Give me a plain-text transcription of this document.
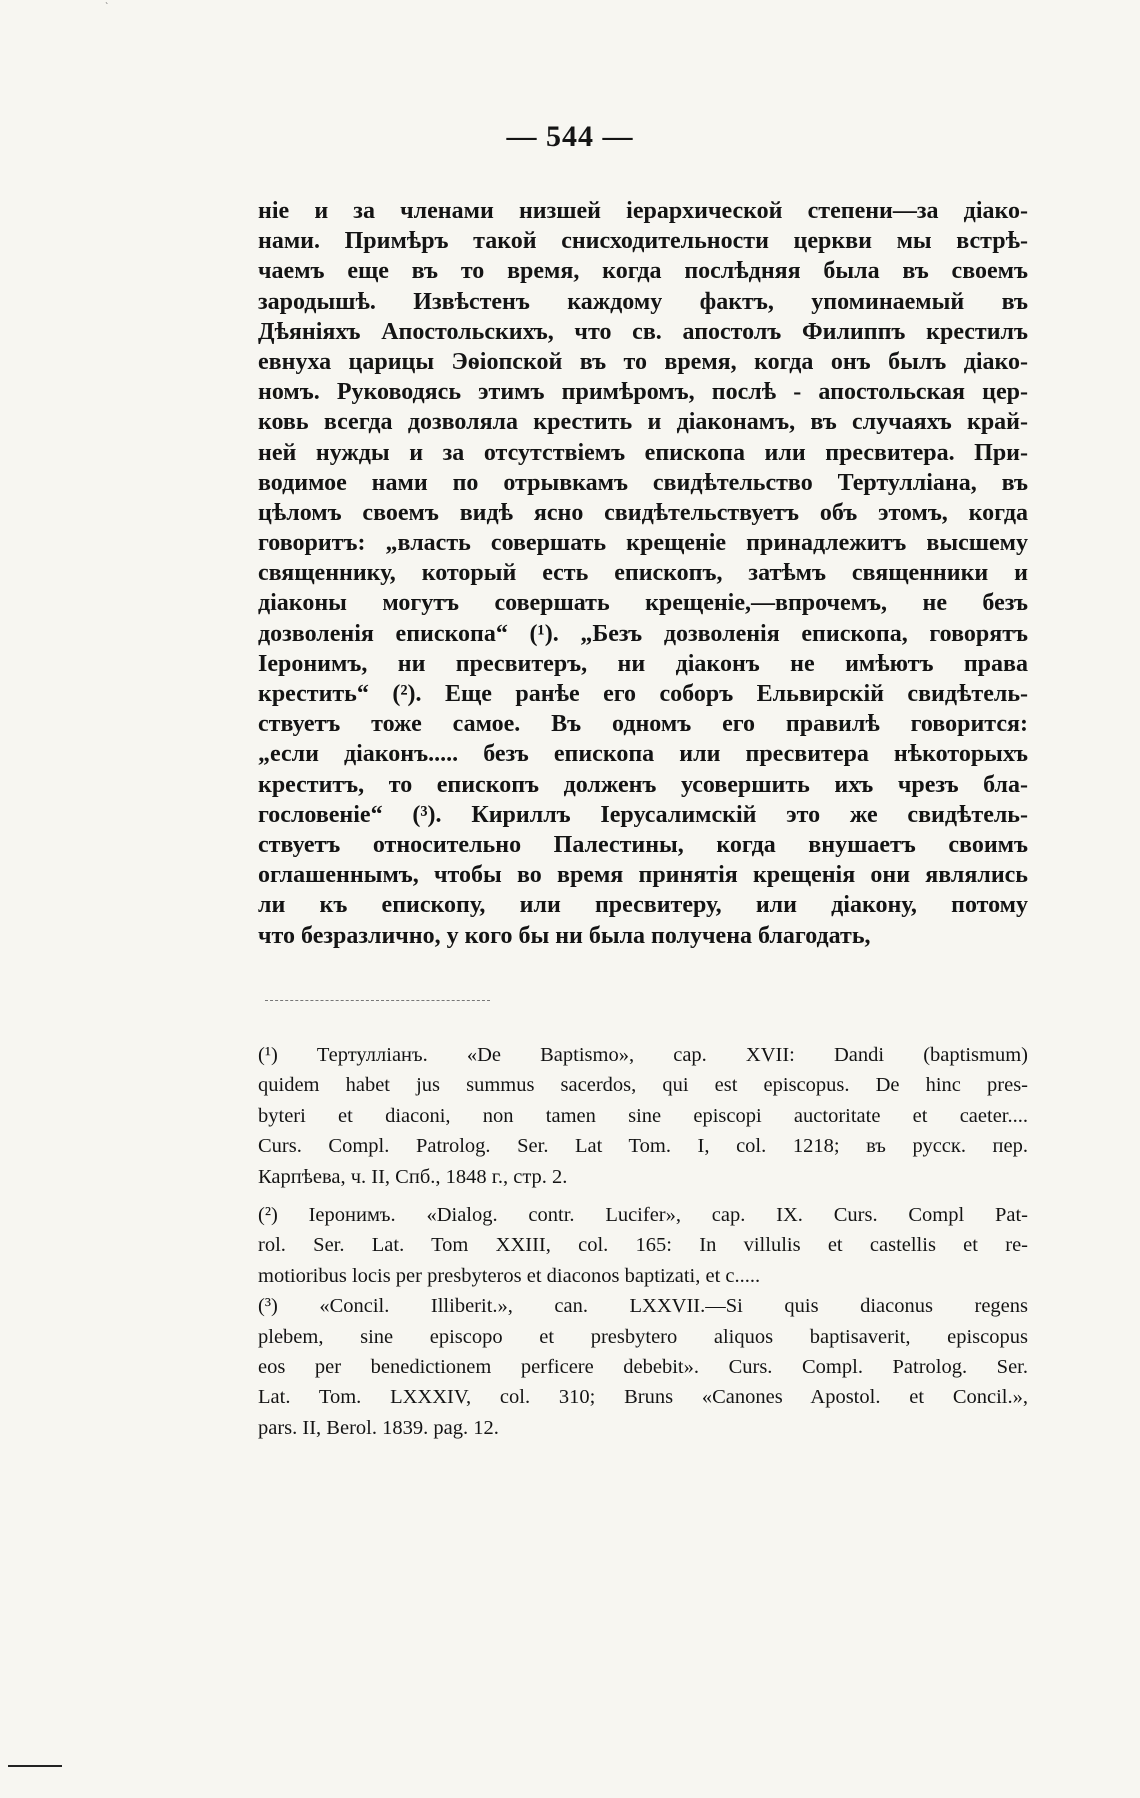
`
— 544 —
ніе и за членами низшей іерархической степени—за діако-
нами. Примѣръ такой снисходительности церкви мы встрѣ-
чаемъ еще въ то время, когда послѣдняя была въ своемъ
зародышѣ. Извѣстенъ каждому фактъ, упоминаемый въ
Дѣяніяхъ Апостольскихъ, что св. апостолъ Филиппъ крестилъ
евнуха царицы Эѳіопской въ то время, когда онъ былъ діако-
номъ. Руководясь этимъ примѣромъ, послѣ - апостольская цер-
ковь всегда дозволяла крестить и діаконамъ, въ случаяхъ край-
ней нужды и за отсутствіемъ епископа или пресвитера. При-
водимое нами по отрывкамъ свидѣтельство Тертулліана, въ
цѣломъ своемъ видѣ ясно свидѣтельствуетъ объ этомъ, когда
говоритъ: „власть совершать крещеніе принадлежитъ высшему
священнику, который есть епископъ, затѣмъ священники и
діаконы могутъ совершать крещеніе,—впрочемъ, не безъ
дозволенія епископа“ (¹). „Безъ дозволенія епископа, говорятъ
Іеронимъ, ни пресвитеръ, ни діаконъ не имѣютъ права
крестить“ (²). Еще ранѣе его соборъ Ельвирскій свидѣтель-
ствуетъ тоже самое. Въ одномъ его правилѣ говорится:
„если діаконъ..... безъ епископа или пресвитера нѣкоторыхъ
креститъ, то епископъ долженъ усовершить ихъ чрезъ бла-
гословеніе“ (³). Кириллъ Іерусалимскій это же свидѣтель-
ствуетъ относительно Палестины, когда внушаетъ своимъ
оглашеннымъ, чтобы во время принятія крещенія они являлись
ли къ епископу, или пресвитеру, или діакону, потому
что безразлично, у кого бы ни была получена благодать,
(¹) Тертулліанъ. «De Baptismo», cap. XVII: Dandi (baptismum)
quidem habet jus summus sacerdos, qui est episcopus. De hinc pres-
byteri et diaconi, non tamen sine episcopi auctoritate et caeter....
Curs. Compl. Patrolog. Ser. Lat Tom. I, col. 1218; въ русск. пер.
Карпѣева, ч. II, Спб., 1848 г., стр. 2.
(²) Іеронимъ. «Dialog. contr. Lucifer», cap. IX. Curs. Compl Pat-
rol. Ser. Lat. Tom XXIII, col. 165: In villulis et castellis et re-
motioribus locis per presbyteros et diaconos baptizati, et c.....
(³) «Concil. Illiberit.», can. LXXVII.—Si quis diaconus regens
plebem, sine episcopo et presbytero aliquos baptisaverit, episcopus
eos per benedictionem perficere debebit». Curs. Compl. Patrolog. Ser.
Lat. Tom. LXXXIV, col. 310; Bruns «Canones Apostol. et Concil.»,
pars. II, Berol. 1839. pag. 12.
